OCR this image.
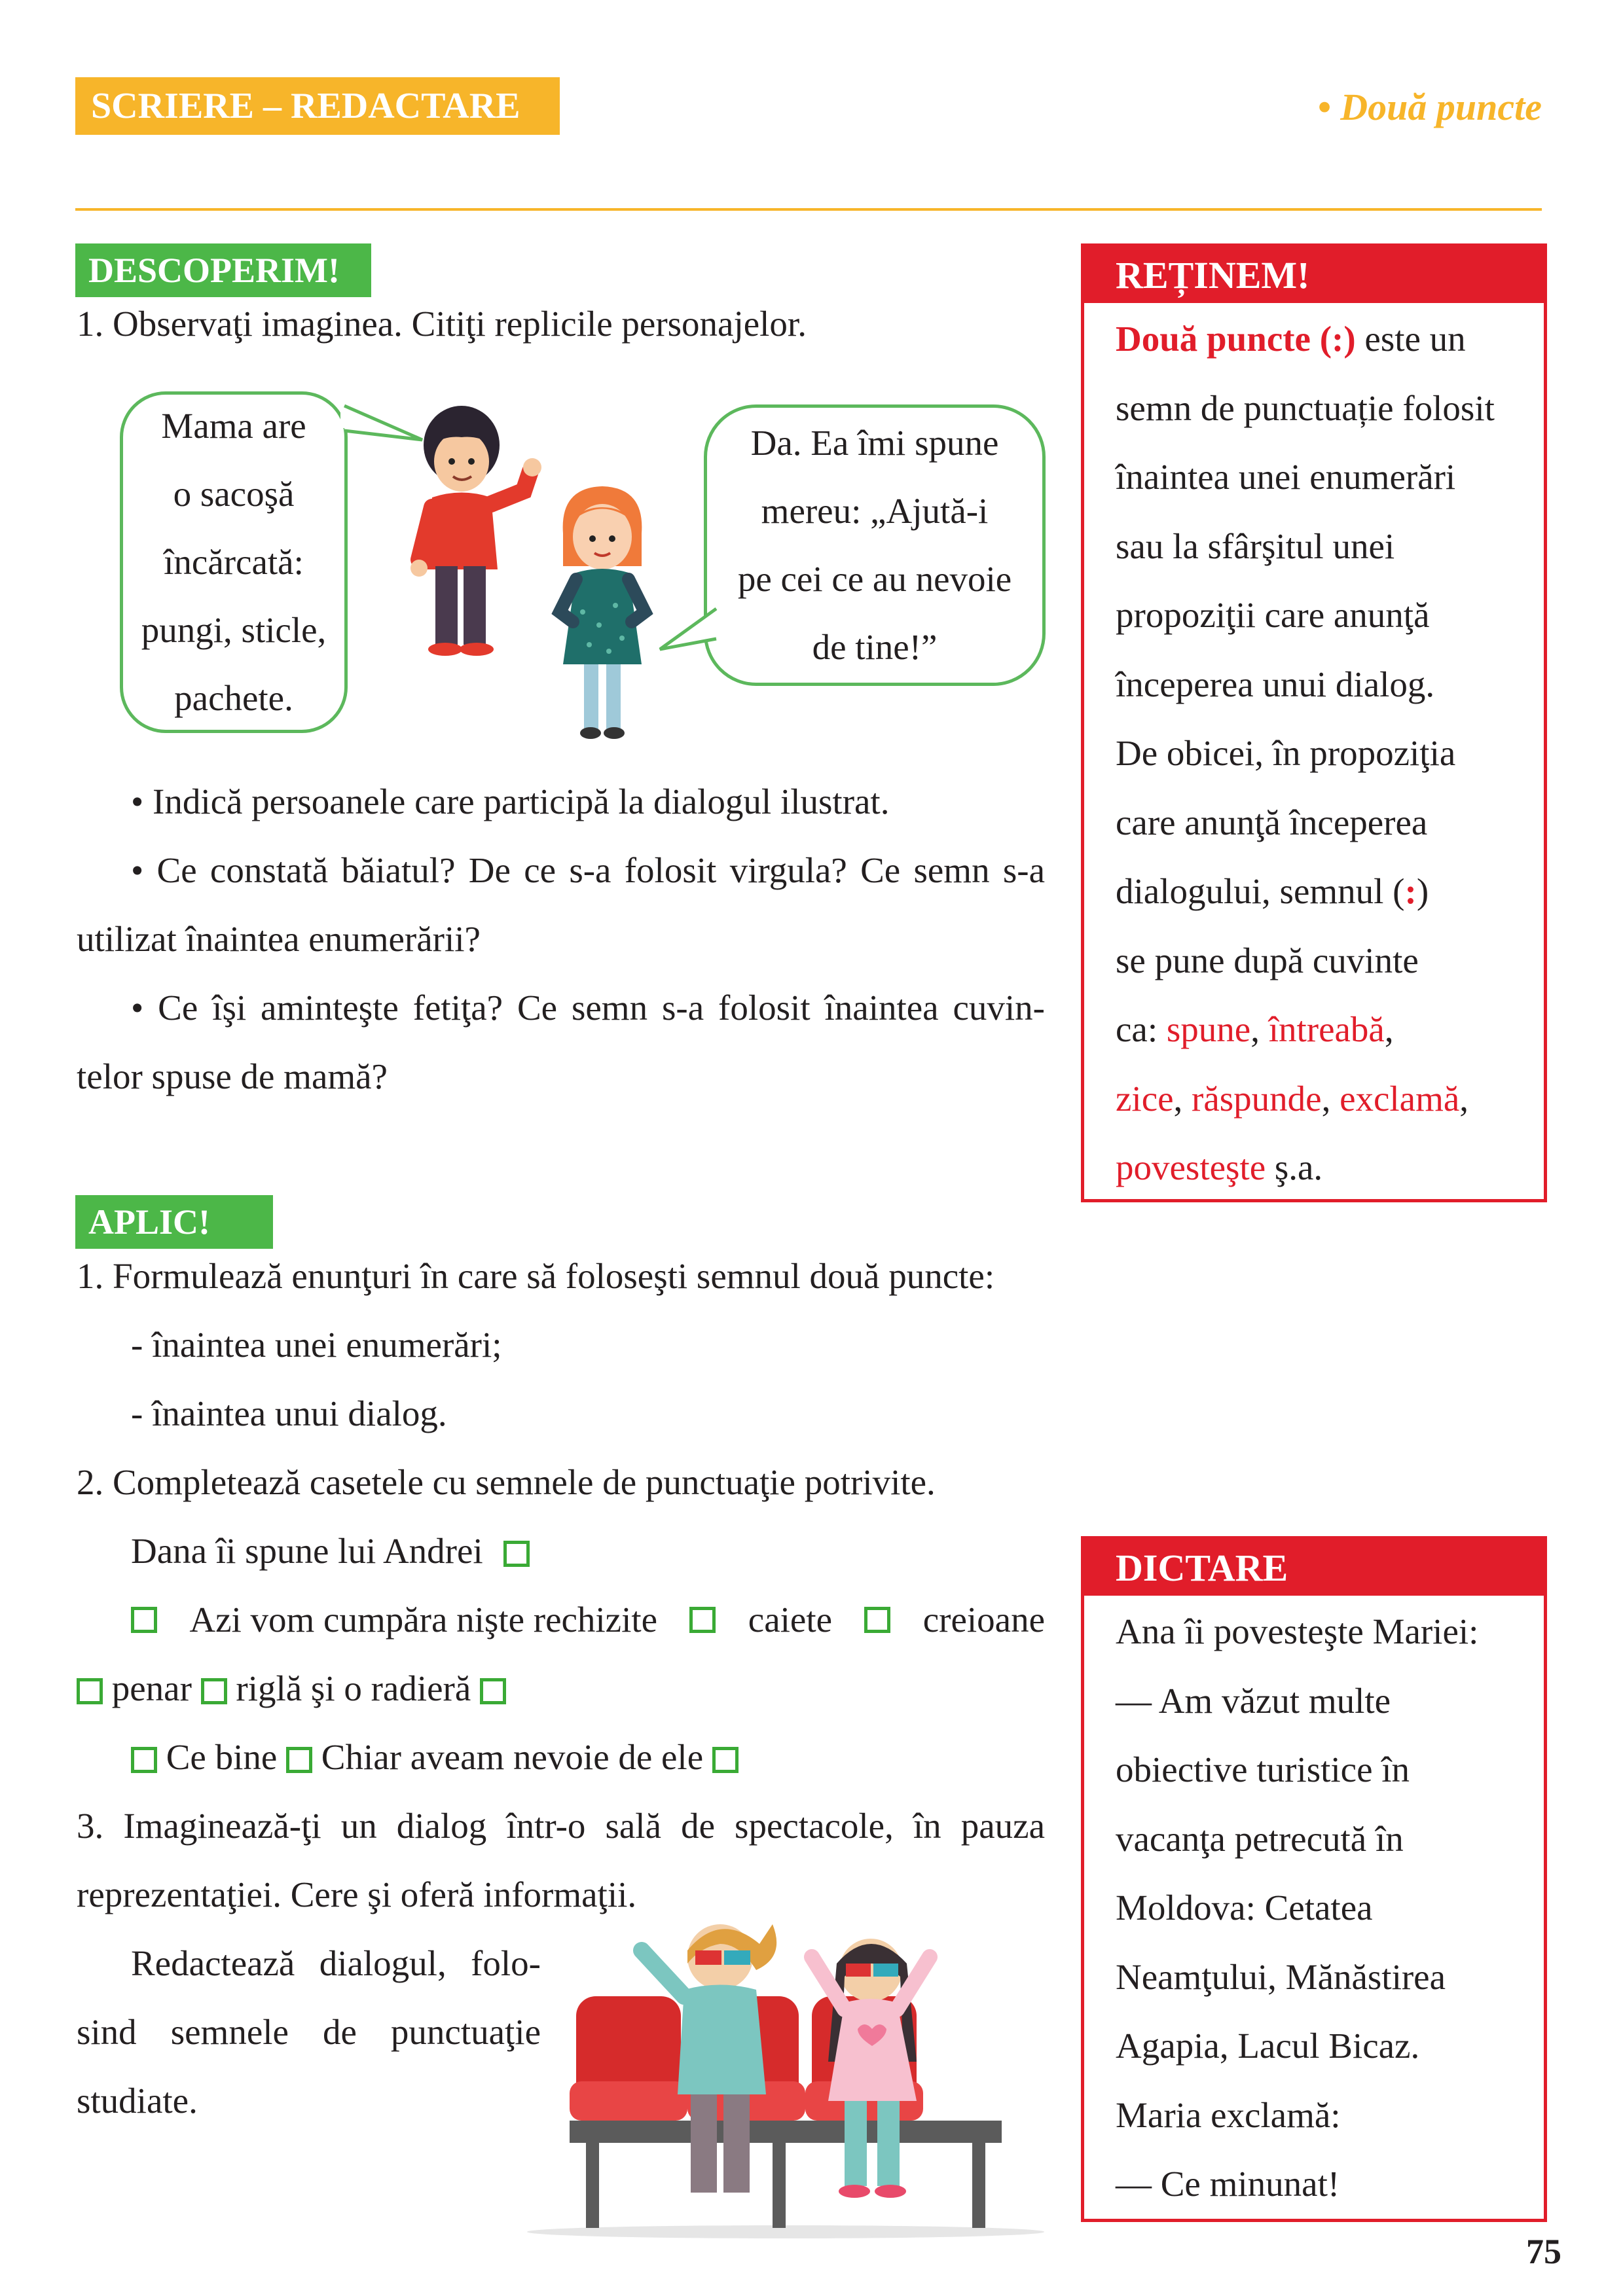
SCRIERE – REDACTARE	• Două puncte
DESCOPERIM!

1. Observaţi imaginea. Citiţi replicile personajelor.

Mama are
o sacoşă
încărcată:
pungi, sticle,
pachete.
Da. Ea îmi spune
mereu: „Ajută-i
pe cei ce au nevoie
de tine!”

• Indică persoanele care participă la dialogul ilustrat.

• Ce constată băiatul? De ce s-a folosit virgula? Ce semn s-a

utilizat înaintea enumerării?

• Ce îşi aminteşte fetiţa? Ce semn s-a folosit înaintea cuvin-

telor spuse de mamă?

REȚINEM!
Două puncte (:) este un
semn de punctuație folosit
înaintea unei enumerări
sau la sfârşitul unei
propoziţii care anunţă
începerea unui dialog.
De obicei, în propoziţia
care anunţă începerea
dialogului, semnul (:)
se pune după cuvinte
ca: spune, întreabă,
zice, răspunde, exclamă,
povesteşte ş.a.
APLIC!

1. Formulează enunţuri în care să foloseşti semnul două puncte:

- înaintea unei enumerări;

- înaintea unui dialog.

2. Completează casetele cu semnele de punctuaţie potrivite.

Dana îi spune lui Andrei

Azi vom cumpăra nişte rechizite	caiete	creioane

penar riglă şi o radieră

Ce bine Chiar aveam nevoie de ele

3. Imaginează-ţi un dialog într-o sală de spectacole, în pauza

reprezentaţiei. Cere şi oferă informaţii.

Redactează dialogul, folo-

sind semnele de punctuaţie

studiate.

DICTARE
Ana îi povesteşte Mariei:
— Am văzut multe
obiective turistice în
vacanţa petrecută în
Moldova: Cetatea
Neamţului, Mănăstirea
Agapia, Lacul Bicaz.
Maria exclamă:
— Ce minunat!
75
